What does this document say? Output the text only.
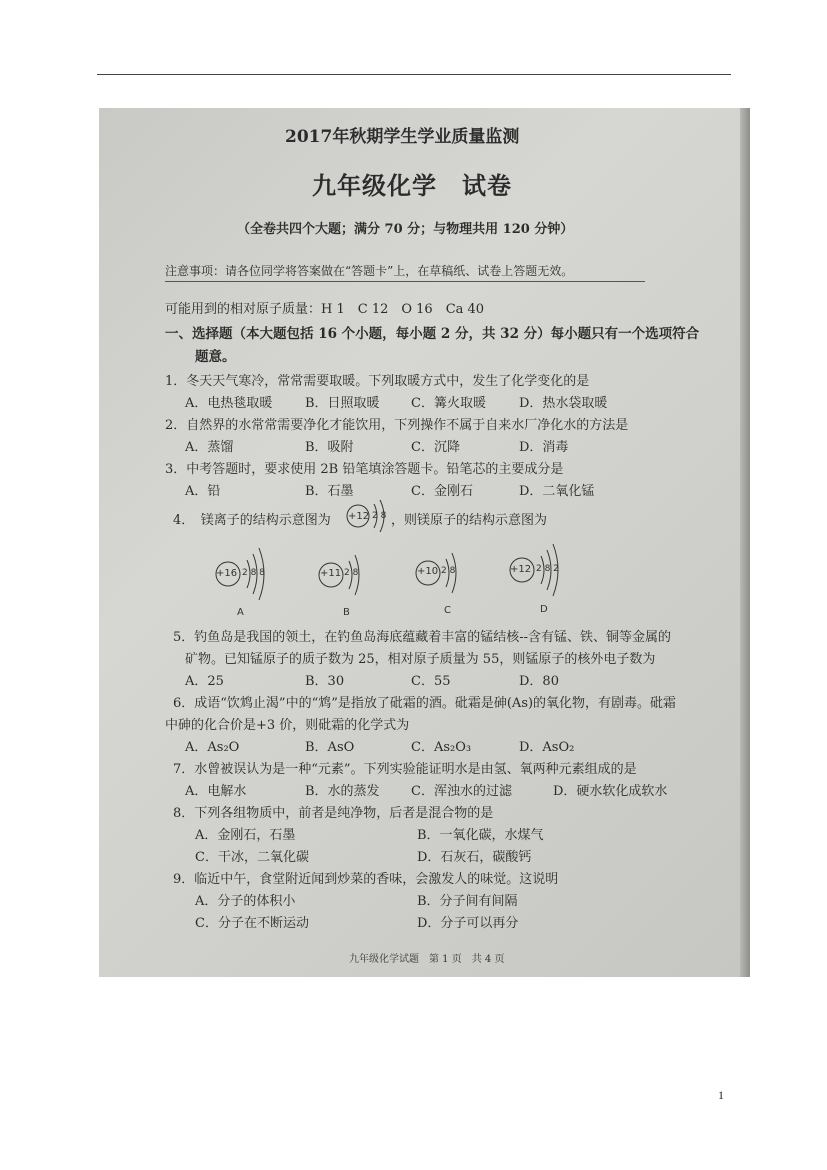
2017年秋期学生学业质量监测
九年级化学　试卷
（全卷共四个大题；满分 70 分；与物理共用 120 分钟）
注意事项：请各位同学将答案做在“答题卡”上，在草稿纸、试卷上答题无效。
可能用到的相对原子质量：H 1　C 12　O 16　Ca 40
一、选择题（本大题包括 16 个小题，每小题 2 分，共 32 分）每小题只有一个选项符合
题意。
1．冬天天气寒冷，常常需要取暖。下列取暖方式中，发生了化学变化的是
A．电热毯取暖	B．日照取暖 C．篝火取暖	D．热水袋取暖
2．自然界的水常常需要净化才能饮用，下列操作不属于自来水厂净化水的方法是
A．蒸馏	B．吸附	C．沉降	D．消毒
3．中考答题时，要求使用 2B 铅笔填涂答题卡。铅笔芯的主要成分是
A．铅	B．石墨	C．金刚石	D．二氧化锰
4．　镁离子的结构示意图为 +12 2 8 ，则镁原子的结构示意图为
+16 2 8 8
A
+11 2 8
B
+10 2 8
C
+12 2 8 2
D
5．钓鱼岛是我国的领土，在钓鱼岛海底蕴藏着丰富的锰结核--含有锰、铁、铜等金属的
矿物。已知锰原子的质子数为 25，相对原子质量为 55，则锰原子的核外电子数为
A．25	B．30	C．55	D．80
6．成语“饮鸩止渴”中的“鸩”是指放了砒霜的酒。砒霜是砷(As)的氧化物，有剧毒。砒霜
中砷的化合价是+3 价，则砒霜的化学式为
A．As₂O	B．AsO	C．As₂O₃	D．AsO₂
7．水曾被误认为是一种“元素”。下列实验能证明水是由氢、氧两种元素组成的是
A．电解水	B．水的蒸发 C．浑浊水的过滤	D．硬水软化成软水
8．下列各组物质中，前者是纯净物，后者是混合物的是
A．金刚石，石墨	B．一氧化碳，水煤气
C．干冰，二氧化碳	D．石灰石，碳酸钙
9．临近中午，食堂附近闻到炒菜的香味，会激发人的味觉。这说明
A．分子的体积小	B．分子间有间隔
C．分子在不断运动	D．分子可以再分
九年级化学试题　第 1 页　共 4 页
1
